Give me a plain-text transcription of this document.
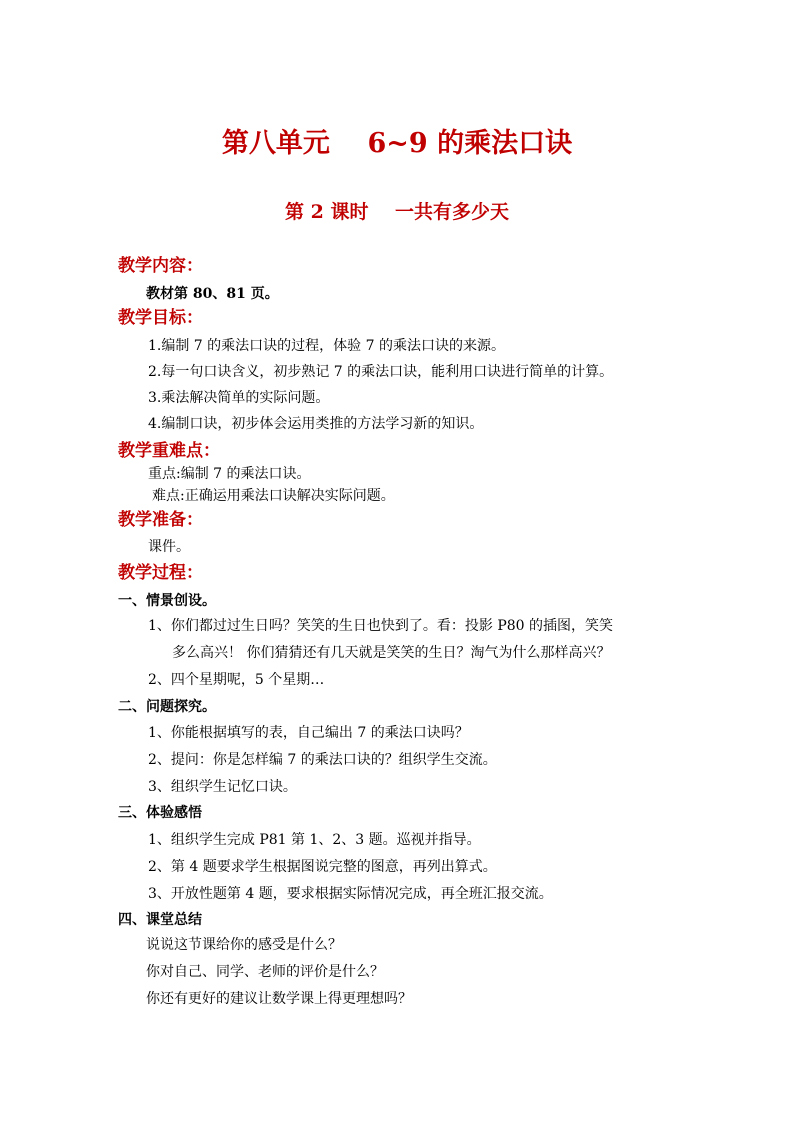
第八单元    6~9 的乘法口诀
第 2 课时    一共有多少天
教学内容：
教材第 80、81 页。
教学目标：
1.编制 7 的乘法口诀的过程，体验 7 的乘法口诀的来源。
2.每一句口诀含义，初步熟记 7 的乘法口诀，能利用口诀进行简单的计算。
3.乘法解决简单的实际问题。
4.编制口诀，初步体会运用类推的方法学习新的知识。
教学重难点：
重点:编制 7 的乘法口诀。
难点:正确运用乘法口诀解决实际问题。
教学准备：
课件。
教学过程：
一、情景创设。
1、你们都过过生日吗？笑笑的生日也快到了。看：投影 P80 的插图，笑笑
多么高兴！ 你们猜猜还有几天就是笑笑的生日？淘气为什么那样高兴？
2、四个星期呢，5 个星期…
二、问题探究。
1、你能根据填写的表，自己编出 7 的乘法口诀吗？
2、提问：你是怎样编 7 的乘法口诀的？组织学生交流。
3、组织学生记忆口诀。
三、体验感悟
1、组织学生完成 P81 第 1、2、3 题。巡视并指导。
2、第 4 题要求学生根据图说完整的图意，再列出算式。
3、开放性题第 4 题，要求根据实际情况完成，再全班汇报交流。
四、课堂总结
说说这节课给你的感受是什么？
你对自己、同学、老师的评价是什么？
你还有更好的建议让数学课上得更理想吗？
